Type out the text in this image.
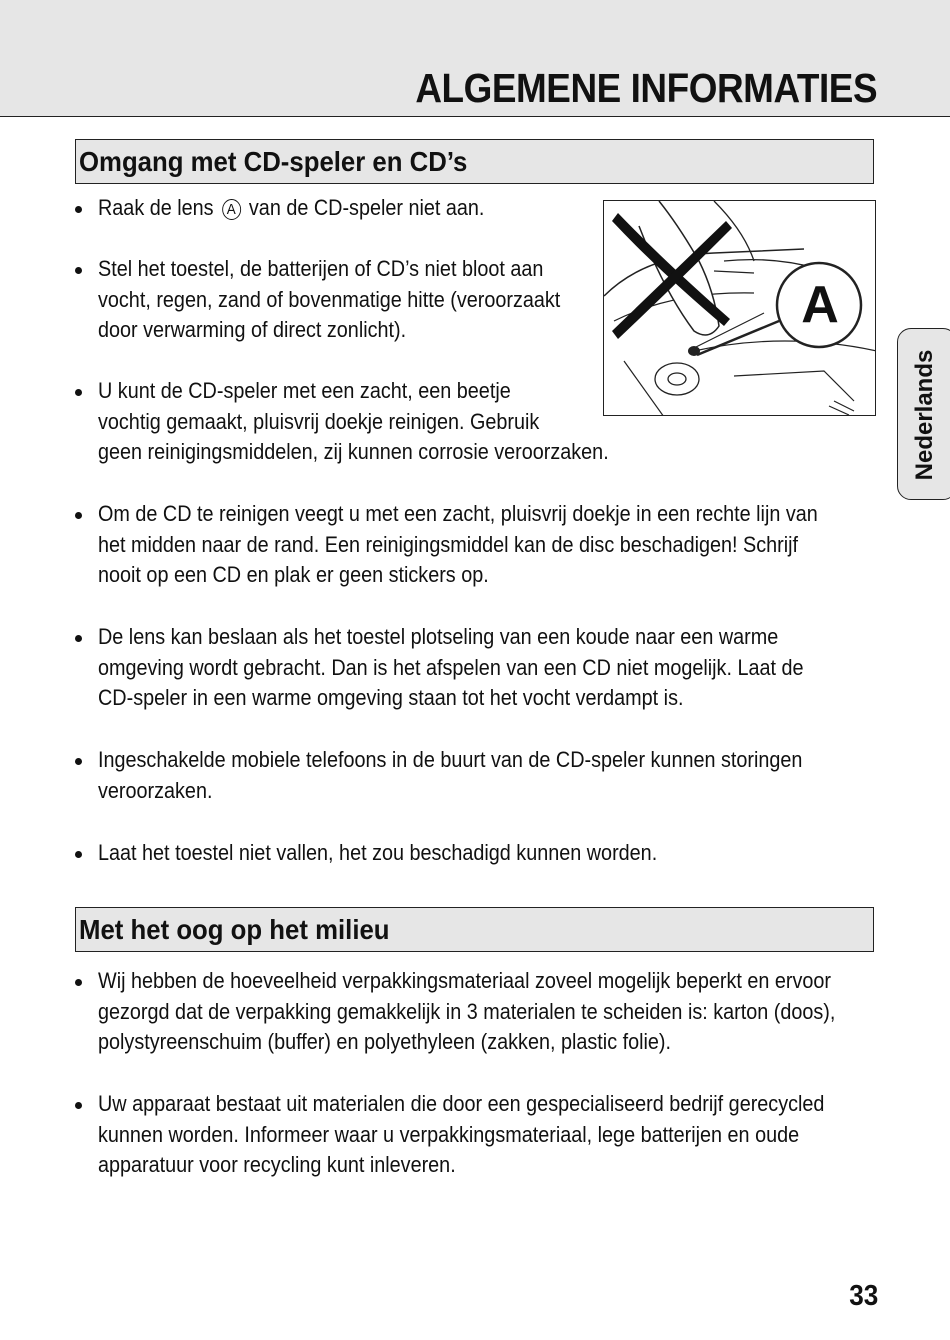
ALGEMENE INFORMATIES
Nederlands
Omgang met CD-speler en CD’s
A
Raak de lens A van de CD-speler niet aan.
Stel het toestel, de batterijen of CD’s niet bloot aan
vocht, regen, zand of bovenmatige hitte (veroorzaakt
door verwarming of direct zonlicht).
U kunt de CD-speler met een zacht, een beetje
vochtig gemaakt, pluisvrij doekje reinigen. Gebruik
geen reinigingsmiddelen, zij kunnen corrosie veroorzaken.
Om de CD te reinigen veegt u met een zacht, pluisvrij doekje in een rechte lijn van
het midden naar de rand. Een reinigingsmiddel kan de disc beschadigen! Schrijf
nooit op een CD en plak er geen stickers op.
De lens kan beslaan als het toestel plotseling van een koude naar een warme
omgeving wordt gebracht. Dan is het afspelen van een CD niet mogelijk. Laat de
CD-speler in een warme omgeving staan tot het vocht verdampt is.
Ingeschakelde mobiele telefoons in de buurt van de CD-speler kunnen storingen
veroorzaken.
Laat het toestel niet vallen, het zou beschadigd kunnen worden.
Met het oog op het milieu
Wij hebben de hoeveelheid verpakkingsmateriaal zoveel mogelijk beperkt en ervoor
gezorgd dat de verpakking gemakkelijk in 3 materialen te scheiden is: karton (doos),
polystyreenschuim (buffer) en polyethyleen (zakken, plastic folie).
Uw apparaat bestaat uit materialen die door een gespecialiseerd bedrijf gerecycled
kunnen worden. Informeer waar u verpakkingsmateriaal, lege batterijen en oude
apparatuur voor recycling kunt inleveren.
33
